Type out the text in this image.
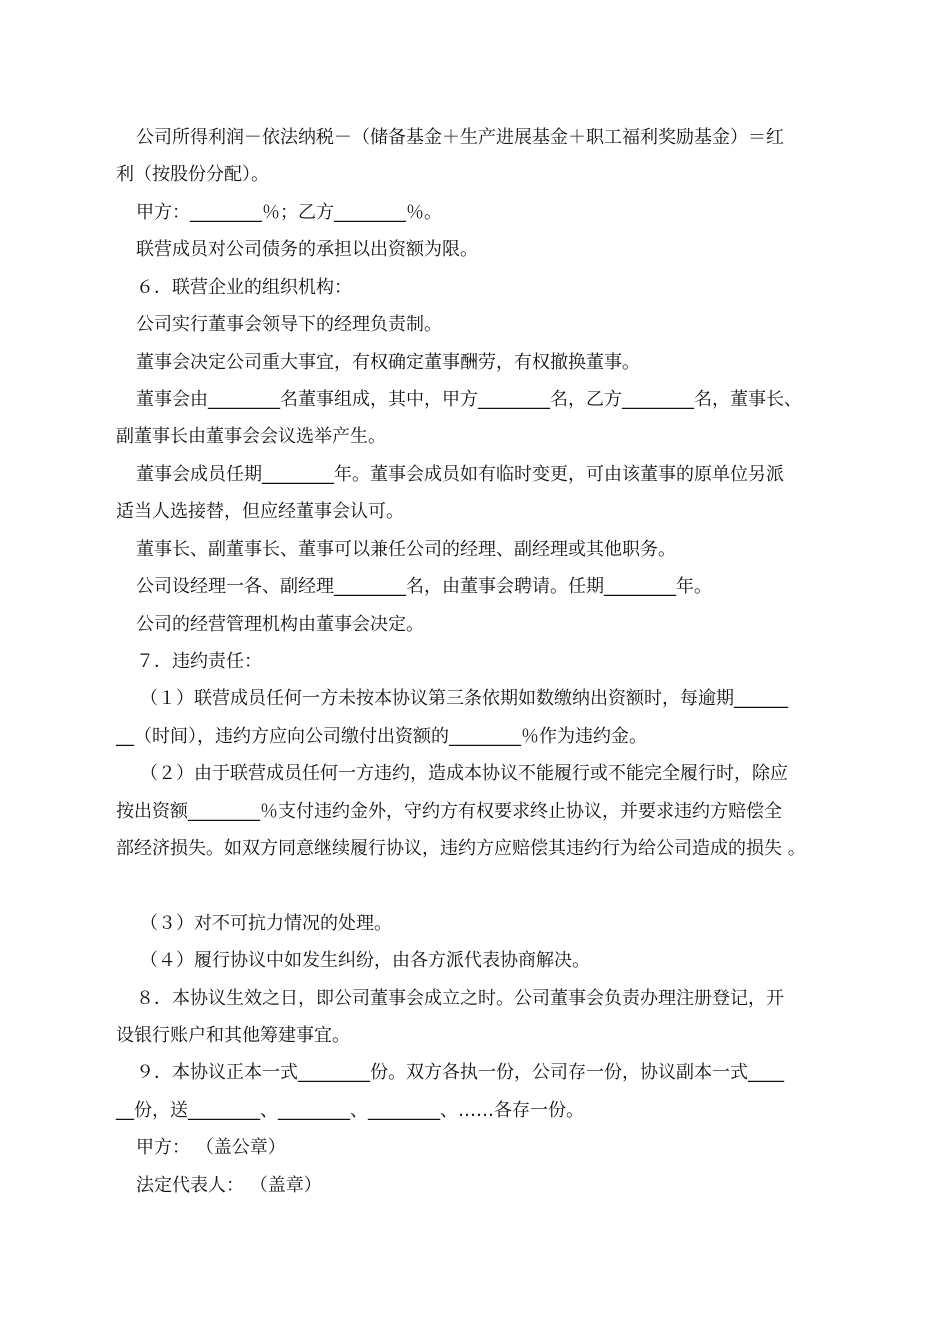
公司所得利润－依法纳税－（储备基金＋生产进展基金＋职工福利奖励基金）＝红
利（按股份分配）。
甲方：________％；乙方________％。
联营成员对公司债务的承担以出资额为限。
６．联营企业的组织机构：
公司实行董事会领导下的经理负责制。
董事会决定公司重大事宜，有权确定董事酬劳，有权撤换董事。
董事会由________名董事组成，其中，甲方________名，乙方________名，董事长、
副董事长由董事会会议选举产生。
董事会成员任期________年。董事会成员如有临时变更，可由该董事的原单位另派
适当人选接替，但应经董事会认可。
董事长、副董事长、董事可以兼任公司的经理、副经理或其他职务。
公司设经理一各、副经理________名，由董事会聘请。任期________年。
公司的经营管理机构由董事会决定。
７．违约责任：
（１）联营成员任何一方未按本协议第三条依期如数缴纳出资额时，每逾期______
__（时间），违约方应向公司缴付出资额的________％作为违约金。
（２）由于联营成员任何一方违约，造成本协议不能履行或不能完全履行时，除应
按出资额________％支付违约金外，守约方有权要求终止协议，并要求违约方赔偿全
部经济损失。如双方同意继续履行协议，违约方应赔偿其违约行为给公司造成的损失 。
（３）对不可抗力情况的处理。
（４）履行协议中如发生纠纷，由各方派代表协商解决。
８．本协议生效之日，即公司董事会成立之时。公司董事会负责办理注册登记，开
设银行账户和其他筹建事宜。
９．本协议正本一式________份。双方各执一份，公司存一份，协议副本一式____
__份，送________、________、________、……各存一份。
甲方： （盖公章）
法定代表人： （盖章）
